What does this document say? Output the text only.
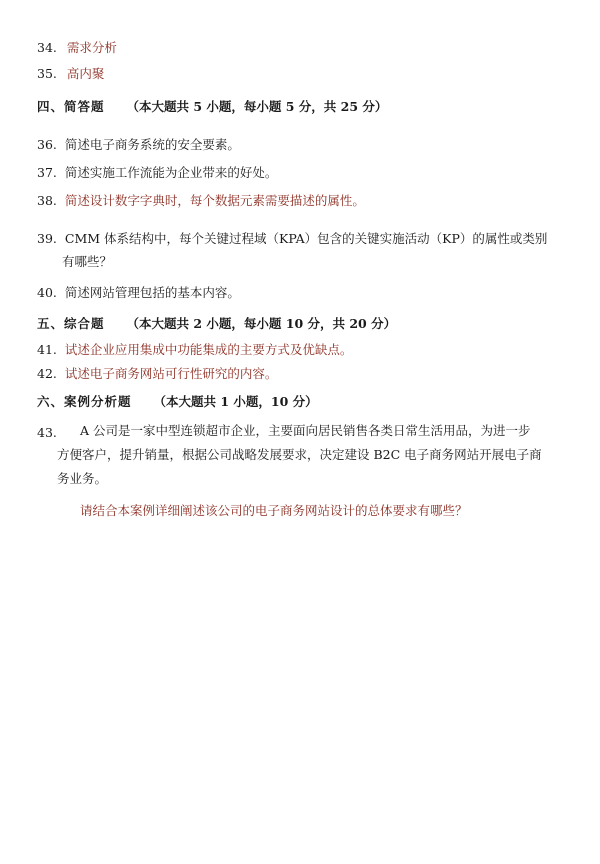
34. 需求分析
35. 高内聚
四、简答题 （本大题共 5 小题，每小题 5 分，共 25 分）
36. 简述电子商务系统的安全要素。
37. 简述实施工作流能为企业带来的好处。
38. 简述设计数字字典时，每个数据元素需要描述的属性。
39. CMM 体系结构中，每个关键过程域（KPA）包含的关键实施活动（KP）的属性或类别
有哪些？
40. 简述网站管理包括的基本内容。
五、综合题 （本大题共 2 小题，每小题 10 分，共 20 分）
41. 试述企业应用集成中功能集成的主要方式及优缺点。
42. 试述电子商务网站可行性研究的内容。
六、案例分析题 （本大题共 1 小题，10 分）
43. A 公司是一家中型连锁超市企业，主要面向居民销售各类日常生活用品，为进一步
方便客户，提升销量，根据公司战略发展要求，决定建设 B2C 电子商务网站开展电子商
务业务。
请结合本案例详细阐述该公司的电子商务网站设计的总体要求有哪些？
